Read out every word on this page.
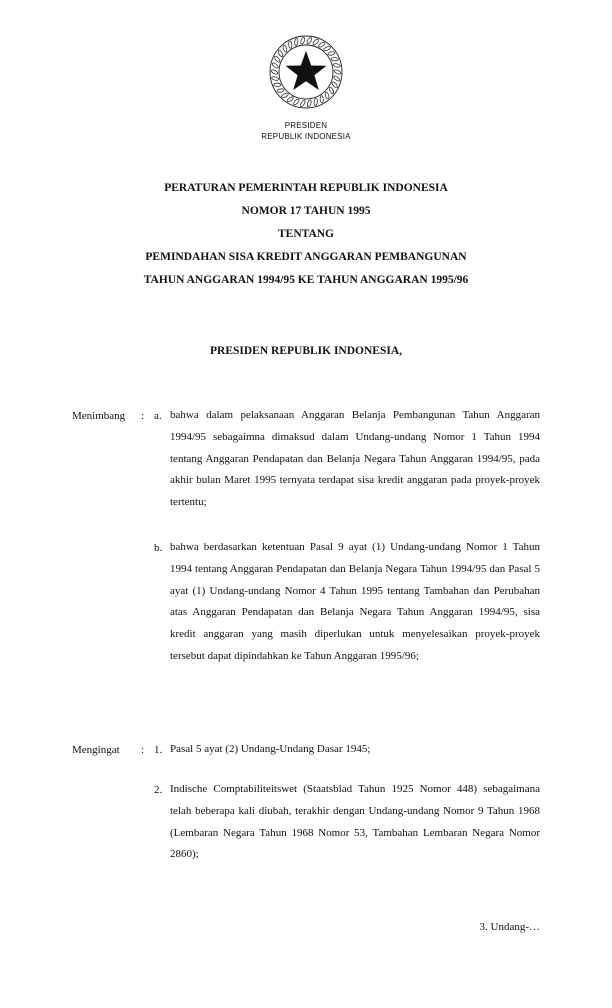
PRESIDEN
REPUBLIK INDONESIA
PERATURAN PEMERINTAH REPUBLIK INDONESIA
NOMOR 17 TAHUN 1995
TENTANG
PEMINDAHAN SISA KREDIT ANGGARAN PEMBANGUNAN
TAHUN ANGGARAN 1994/95 KE TAHUN ANGGARAN 1995/96
PRESIDEN REPUBLIK INDONESIA,
Menimbang : a. bahwa dalam pelaksanaan Anggaran Belanja Pembangunan Tahun Anggaran 1994/95 sebagaimna dimaksud dalam Undang-undang Nomor 1 Tahun 1994 tentang Anggaran Pendapatan dan Belanja Negara Tahun Anggaran 1994/95, pada akhir bulan Maret 1995 ternyata terdapat sisa kredit anggaran pada proyek-proyek tertentu;
b. bahwa berdasarkan ketentuan Pasal 9 ayat (1) Undang-undang Nomor 1 Tahun 1994 tentang Anggaran Pendapatan dan Belanja Negara Tahun 1994/95 dan Pasal 5 ayat (1) Undang-undang Nomor 4 Tahun 1995 tentang Tambahan dan Perubahan atas Anggaran Pendapatan dan Belanja Negara Tahun Anggaran 1994/95, sisa kredit anggaran yang masih diperlukan untuk menyelesaikan proyek-proyek tersebut dapat dipindahkan ke Tahun Anggaran 1995/96;
Mengingat : 1. Pasal 5 ayat (2) Undang-Undang Dasar 1945;
2. Indische Comptabiliteitswet (Staatsblad Tahun 1925 Nomor 448) sebagaimana telah beberapa kali diubah, terakhir dengan Undang-undang Nomor 9 Tahun 1968 (Lembaran Negara Tahun 1968 Nomor 53, Tambahan Lembaran Negara Nomor 2860);
3. Undang-…
